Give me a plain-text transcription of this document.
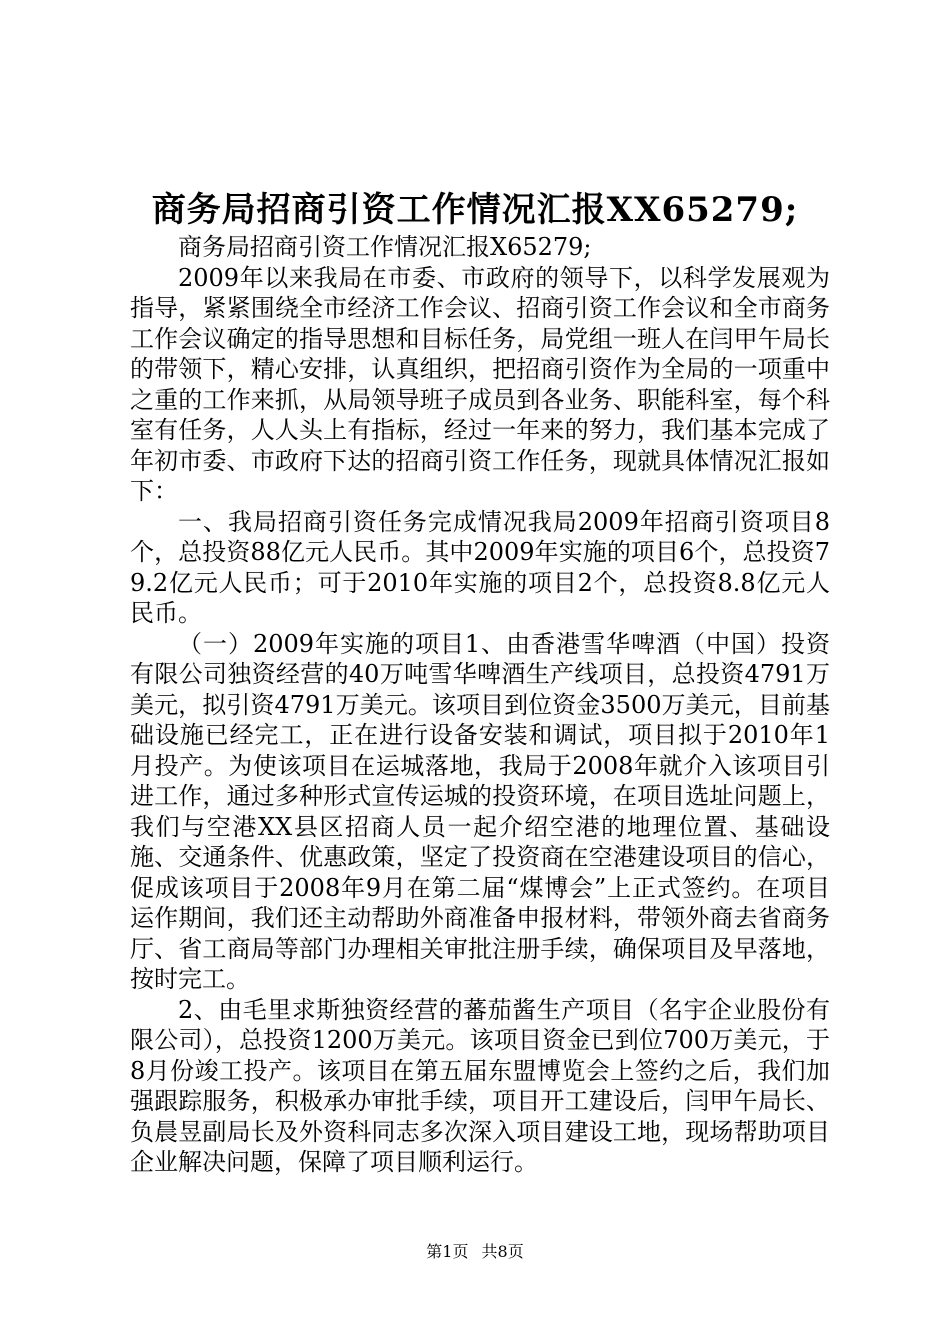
商务局招商引资工作情况汇报XX65279;

商务局招商引资工作情况汇报X65279;

2009年以来我局在市委、市政府的领导下，以科学发展观为指导，紧紧围绕全市经济工作会议、招商引资工作会议和全市商务工作会议确定的指导思想和目标任务，局党组一班人在闫甲午局长的带领下，精心安排，认真组织，把招商引资作为全局的一项重中之重的工作来抓，从局领导班子成员到各业务、职能科室，每个科室有任务，人人头上有指标，经过一年来的努力，我们基本完成了年初市委、市政府下达的招商引资工作任务，现就具体情况汇报如下：

一、我局招商引资任务完成情况我局2009年招商引资项目8个，总投资88亿元人民币。其中2009年实施的项目6个，总投资79.2亿元人民币；可于2010年实施的项目2个，总投资8.8亿元人民币。

（一）2009年实施的项目1、由香港雪华啤酒（中国）投资有限公司独资经营的40万吨雪华啤酒生产线项目，总投资4791万美元，拟引资4791万美元。该项目到位资金3500万美元，目前基础设施已经完工，正在进行设备安装和调试，项目拟于2010年1月投产。为使该项目在运城落地，我局于2008年就介入该项目引进工作，通过多种形式宣传运城的投资环境，在项目选址问题上，我们与空港XX县区招商人员一起介绍空港的地理位置、基础设施、交通条件、优惠政策，坚定了投资商在空港建设项目的信心，促成该项目于2008年9月在第二届“煤博会”上正式签约。在项目运作期间，我们还主动帮助外商准备申报材料，带领外商去省商务厅、省工商局等部门办理相关审批注册手续，确保项目及早落地，按时完工。

2、由毛里求斯独资经营的蕃茄酱生产项目（名宇企业股份有限公司），总投资1200万美元。该项目资金已到位700万美元，于8月份竣工投产。该项目在第五届东盟博览会上签约之后，我们加强跟踪服务，积极承办审批手续，项目开工建设后，闫甲午局长、负晨昱副局长及外资科同志多次深入项目建设工地，现场帮助项目企业解决问题，保障了项目顺利运行。

第1页 共8页
